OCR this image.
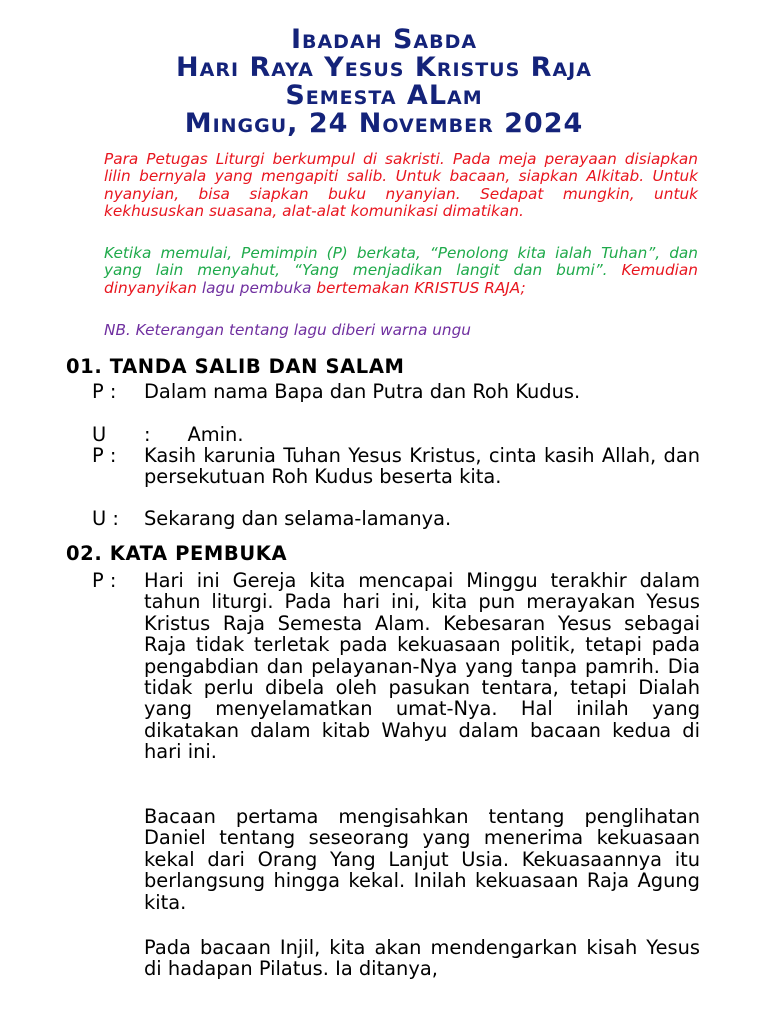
Ibadah Sabda
Hari Raya Yesus Kristus Raja
Semesta ALam
Minggu, 24 November 2024

Para Petugas Liturgi berkumpul di sakristi. Pada meja perayaan disiapkan lilin bernyala yang mengapiti salib. Untuk bacaan, siapkan Alkitab. Untuk nyanyian, bisa siapkan buku nyanyian. Sedapat mungkin, untuk kekhususkan suasana, alat-alat komunikasi dimatikan.

Ketika memulai, Pemimpin (P) berkata, “Penolong kita ialah Tuhan”, dan yang lain menyahut, “Yang menjadikan langit dan bumi”. Kemudian dinyanyikan lagu pembuka bertemakan KRISTUS RAJA;

NB. Keterangan tentang lagu diberi warna ungu

01. TANDA SALIB DAN SALAM
P :	Dalam nama Bapa dan Putra dan Roh Kudus.
U	:      Amin.
P :	Kasih karunia Tuhan Yesus Kristus, cinta kasih Allah, dan persekutuan Roh Kudus beserta kita.
U :	Sekarang dan selama-lamanya.
02. KATA PEMBUKA
P :	Hari ini Gereja kita mencapai Minggu terakhir dalam tahun liturgi. Pada hari ini, kita pun merayakan Yesus Kristus Raja Semesta Alam. Kebesaran Yesus sebagai Raja tidak terletak pada kekuasaan politik, tetapi pada pengabdian dan pelayanan-Nya yang tanpa pamrih. Dia tidak perlu dibela oleh pasukan tentara, tetapi Dialah yang menyelamatkan umat-Nya. Hal inilah yang dikatakan dalam kitab Wahyu dalam bacaan kedua di hari ini.

Bacaan pertama mengisahkan tentang penglihatan Daniel tentang seseorang yang menerima kekuasaan kekal dari Orang Yang Lanjut Usia. Kekuasaannya itu berlangsung hingga kekal. Inilah kekuasaan Raja Agung kita.

Pada bacaan Injil, kita akan mendengarkan kisah Yesus di hadapan Pilatus. Ia ditanya,
